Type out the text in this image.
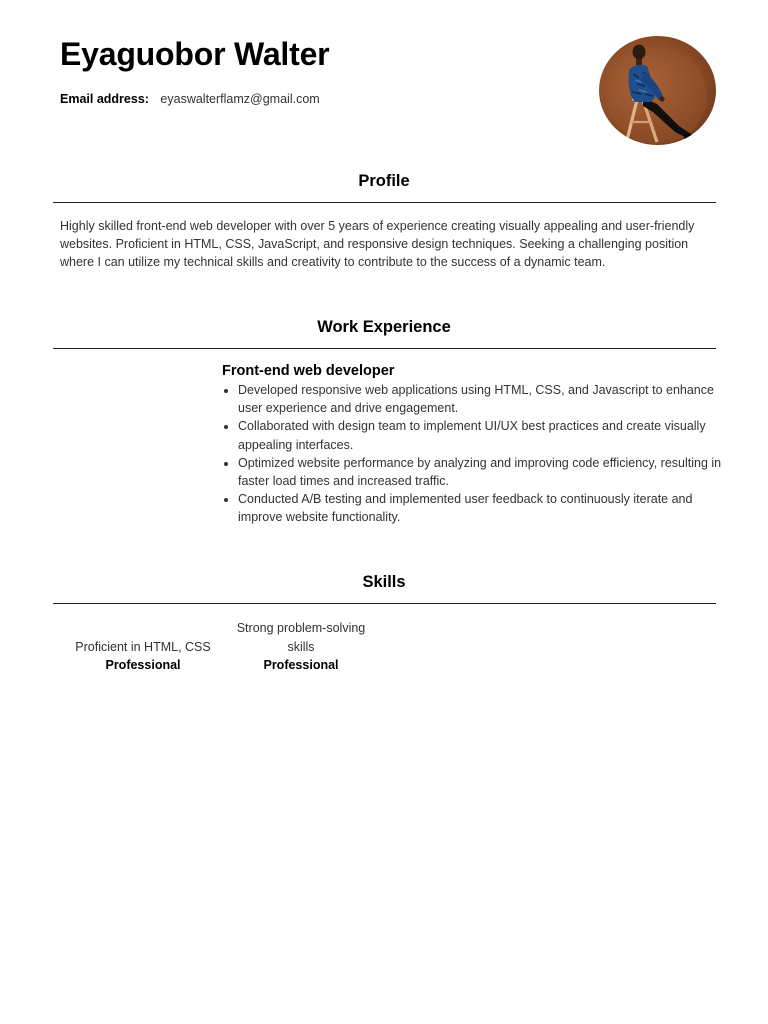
Eyaguobor Walter
Email address: eyaswalterflamz@gmail.com
Profile

Highly skilled front-end web developer with over 5 years of experience creating visually appealing and user-friendly websites. Proficient in HTML, CSS, JavaScript, and responsive design techniques. Seeking a challenging position where I can utilize my technical skills and creativity to contribute to the success of a dynamic team.

Work Experience
Front-end web developer
• Developed responsive web applications using HTML, CSS, and Javascript to enhance user experience and drive engagement.
• Collaborated with design team to implement UI/UX best practices and create visually appealing interfaces.
• Optimized website performance by analyzing and improving code efficiency, resulting in faster load times and increased traffic.
• Conducted A/B testing and implemented user feedback to continuously iterate and improve website functionality.
Skills
Proficient in HTML, CSS
Professional
Strong problem-solving skills
Professional
